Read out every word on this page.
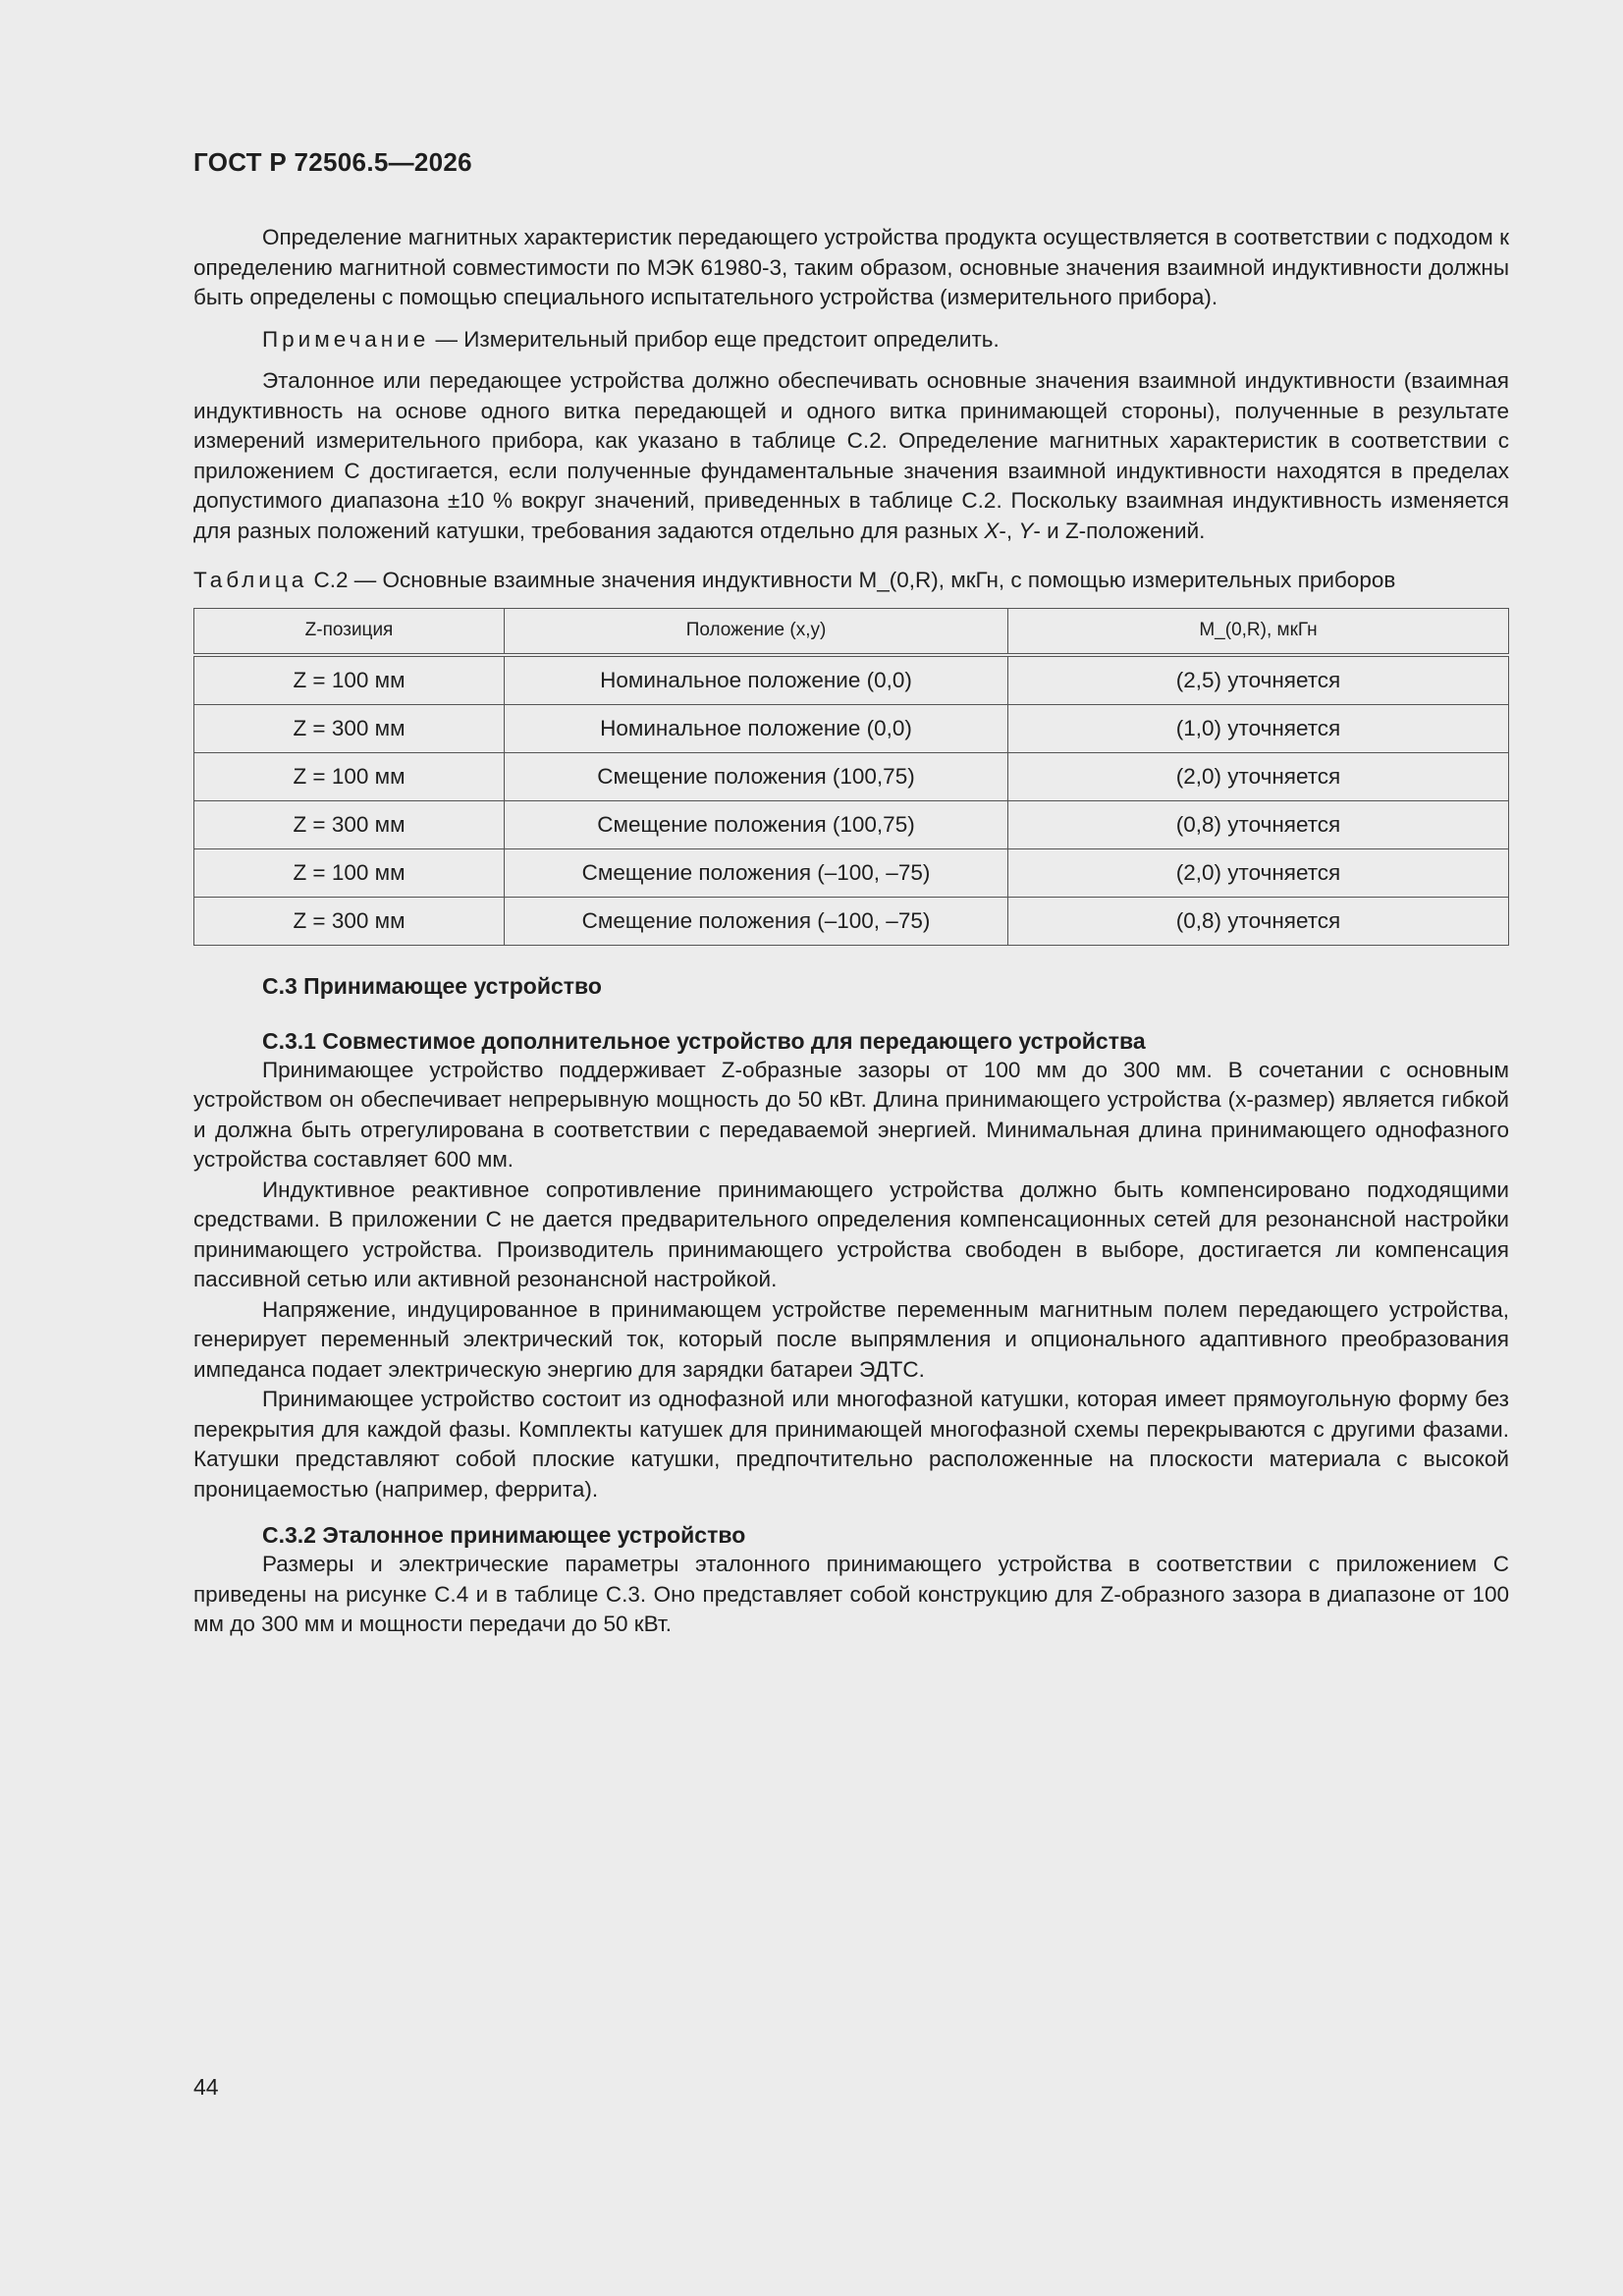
ГОСТ Р 72506.5—2026

Определение магнитных характеристик передающего устройства продукта осуществляется в соответствии с подходом к определению магнитной совместимости по МЭК 61980-3, таким образом, основные значения взаимной индуктивности должны быть определены с помощью специального испытательного устройства (измерительного прибора).

Примечание — Измерительный прибор еще предстоит определить.

Эталонное или передающее устройства должно обеспечивать основные значения взаимной индуктивности (взаимная индуктивность на основе одного витка передающей и одного витка принимающей стороны), полученные в результате измерений измерительного прибора, как указано в таблице С.2. Определение магнитных характеристик в соответствии с приложением С достигается, если полученные фундаментальные значения взаимной индуктивности находятся в пределах допустимого диапазона ±10 % вокруг значений, приведенных в таблице С.2. Поскольку взаимная индуктивность изменяется для разных положений катушки, требования задаются отдельно для разных X-, Y- и Z-положений.

Таблица С.2 — Основные взаимные значения индуктивности M_(0,R), мкГн, с помощью измерительных приборов

Z-позиция	Положение (x,y)	M_(0,R), мкГн
Z = 100 мм	Номинальное положение (0,0)	(2,5) уточняется
Z = 300 мм	Номинальное положение (0,0)	(1,0) уточняется
Z = 100 мм	Смещение положения (100,75)	(2,0) уточняется
Z = 300 мм	Смещение положения (100,75)	(0,8) уточняется
Z = 100 мм	Смещение положения (–100, –75)	(2,0) уточняется
Z = 300 мм	Смещение положения (–100, –75)	(0,8) уточняется
С.3 Принимающее устройство
С.3.1 Совместимое дополнительное устройство для передающего устройства

Принимающее устройство поддерживает Z-образные зазоры от 100 мм до 300 мм. В сочетании с основным устройством он обеспечивает непрерывную мощность до 50 кВт. Длина принимающего устройства (x-размер) является гибкой и должна быть отрегулирована в соответствии с передаваемой энергией. Минимальная длина принимающего однофазного устройства составляет 600 мм.

Индуктивное реактивное сопротивление принимающего устройства должно быть компенсировано подходящими средствами. В приложении С не дается предварительного определения компенсационных сетей для резонансной настройки принимающего устройства. Производитель принимающего устройства свободен в выборе, достигается ли компенсация пассивной сетью или активной резонансной настройкой.

Напряжение, индуцированное в принимающем устройстве переменным магнитным полем передающего устройства, генерирует переменный электрический ток, который после выпрямления и опционального адаптивного преобразования импеданса подает электрическую энергию для зарядки батареи ЭДТС.

Принимающее устройство состоит из однофазной или многофазной катушки, которая имеет прямоугольную форму без перекрытия для каждой фазы. Комплекты катушек для принимающей многофазной схемы перекрываются с другими фазами. Катушки представляют собой плоские катушки, предпочтительно расположенные на плоскости материала с высокой проницаемостью (например, феррита).

С.3.2 Эталонное принимающее устройство

Размеры и электрические параметры эталонного принимающего устройства в соответствии с приложением С приведены на рисунке С.4 и в таблице С.3. Оно представляет собой конструкцию для Z-образного зазора в диапазоне от 100 мм до 300 мм и мощности передачи до 50 кВт.

44
